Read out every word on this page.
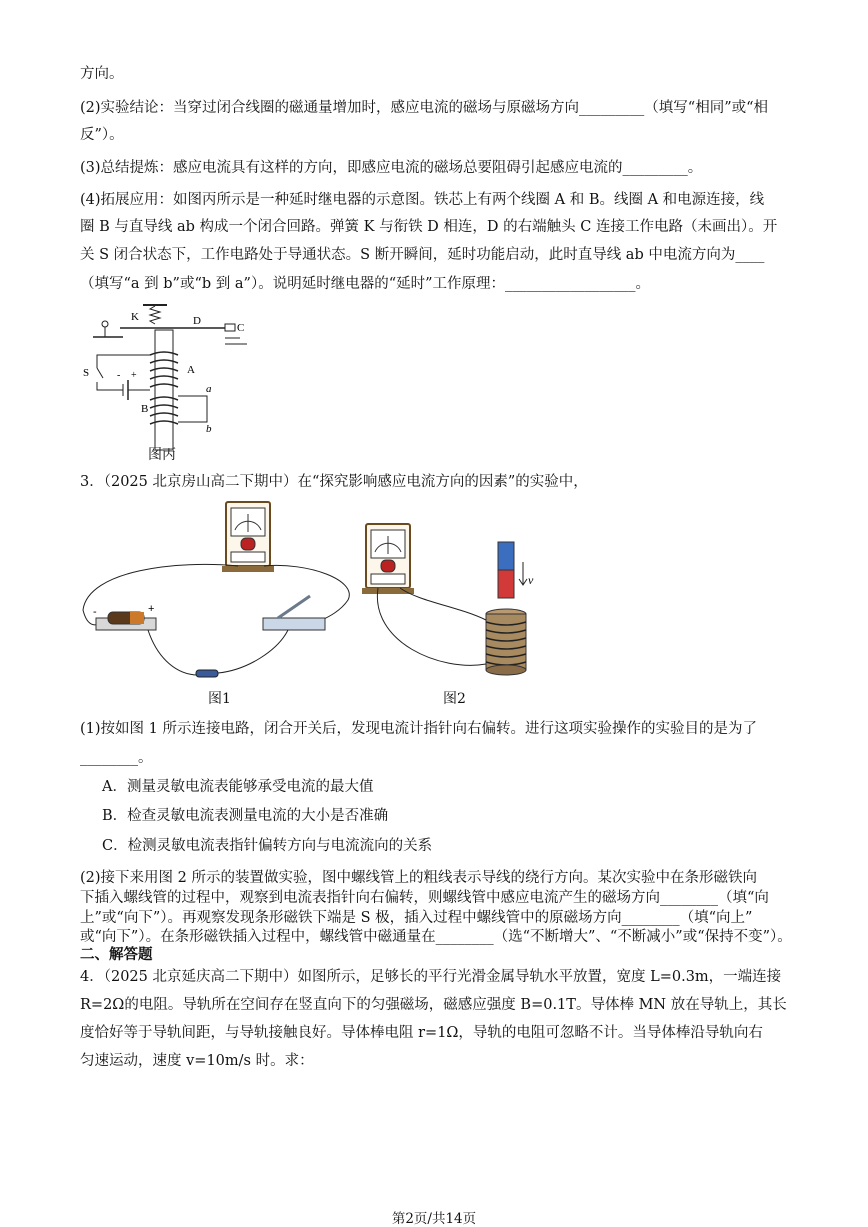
方向。
(2)实验结论：当穿过闭合线圈的磁通量增加时，感应电流的磁场与原磁场方向_________（填写“相同”或“相
反”）。
(3)总结提炼：感应电流具有这样的方向，即感应电流的磁场总要阻碍引起感应电流的_________。
(4)拓展应用：如图丙所示是一种延时继电器的示意图。铁芯上有两个线圈 A 和 B。线圈 A 和电源连接，线
圈 B 与直导线 ab 构成一个闭合回路。弹簧 K 与衔铁 D 相连，D 的右端触头 C 连接工作电路（未画出）。开
关 S 闭合状态下，工作电路处于导通状态。S 断开瞬间，延时功能启动，此时直导线 ab 中电流方向为____
（填写“a 到 b”或“b 到 a”）。说明延时继电器的“延时”工作原理：__________________。
K	D
C
A
B
a
b
S	- +
图丙
3．（2025 北京房山高二下期中）在“探究影响感应电流方向的因素”的实验中，
-	+
图1
v
图2
(1)按如图 1 所示连接电路，闭合开关后，发现电流计指针向右偏转。进行这项实验操作的实验目的是为了
________。
A．测量灵敏电流表能够承受电流的最大值
B．检查灵敏电流表测量电流的大小是否准确
C．检测灵敏电流表指针偏转方向与电流流向的关系
(2)接下来用图 2 所示的装置做实验，图中螺线管上的粗线表示导线的绕行方向。某次实验中在条形磁铁向
下插入螺线管的过程中，观察到电流表指针向右偏转，则螺线管中感应电流产生的磁场方向________（填“向
上”或“向下”）。再观察发现条形磁铁下端是 S 极，插入过程中螺线管中的原磁场方向________（填“向上”
或“向下”）。在条形磁铁插入过程中，螺线管中磁通量在________（选“不断增大”、“不断减小”或“保持不变”）。
二、解答题
4．（2025 北京延庆高二下期中）如图所示，足够长的平行光滑金属导轨水平放置，宽度 L=0.3m，一端连接
R=2Ω的电阻。导轨所在空间存在竖直向下的匀强磁场，磁感应强度 B=0.1T。导体棒 MN 放在导轨上，其长
度恰好等于导轨间距，与导轨接触良好。导体棒电阻 r=1Ω，导轨的电阻可忽略不计。当导体棒沿导轨向右
匀速运动，速度 v=10m/s 时。求：
第2页/共14页
